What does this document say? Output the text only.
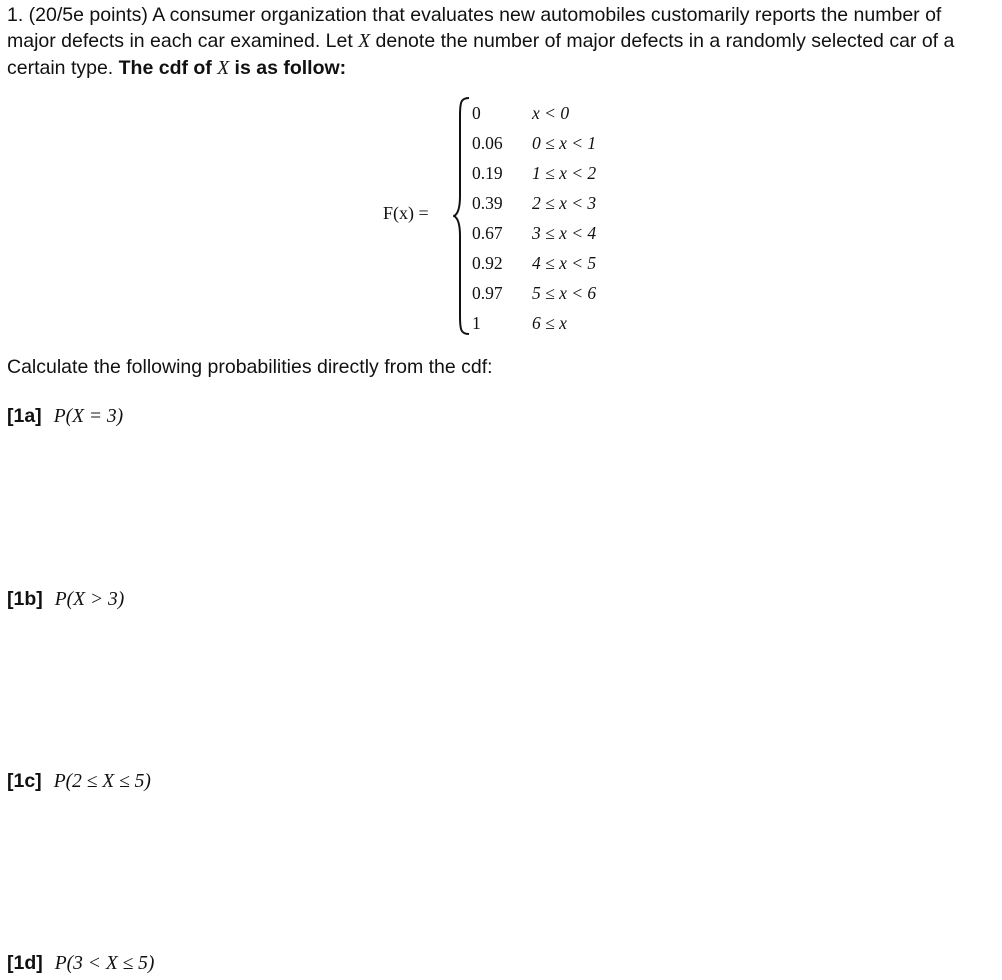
1. (20/5e points) A consumer organization that evaluates new automobiles customarily reports the number of
major defects in each car examined. Let X denote the number of major defects in a randomly selected car of a
certain type. The cdf of X is as follow:
F(x) =
0	x < 0
0.06 0 ≤ x < 1
0.19 1 ≤ x < 2
0.39 2 ≤ x < 3
0.67 3 ≤ x < 4
0.92 4 ≤ x < 5
0.97 5 ≤ x < 6
1	6 ≤ x
Calculate the following probabilities directly from the cdf:
[1a] P(X = 3)
[1b] P(X > 3)
[1c] P(2 ≤ X ≤ 5)
[1d] P(3 < X ≤ 5)
